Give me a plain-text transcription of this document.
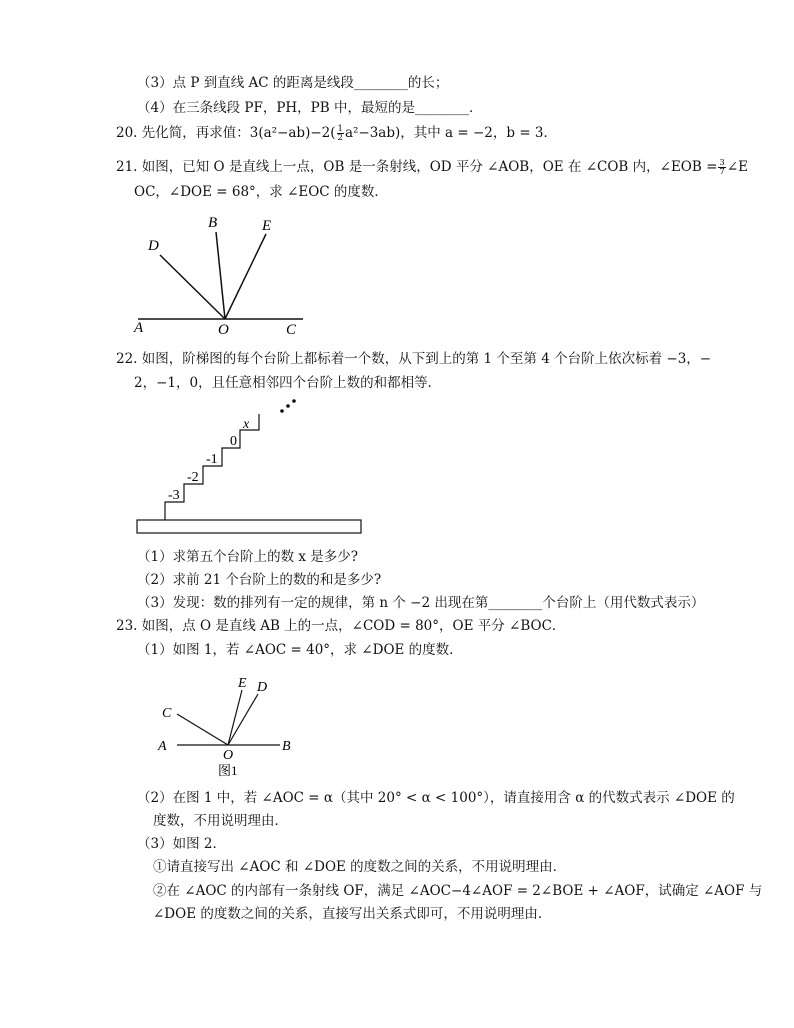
（3）点 P 到直线 AC 的距离是线段________的长；
（4）在三条线段 PF，PH，PB 中，最短的是________．
20. 先化简，再求值：$3(a^2-ab)-2( \frac{1}{2} a^2-3ab)$，其中 a = −2，b = 3．
21. 如图，已知 O 是直线上一点，OB 是一条射线，OD 平分 ∠AOB，OE 在 ∠COB 内，∠EOB = $\frac{3}{7}$ ∠E
OC，∠DOE = 68°，求 ∠EOC 的度数．
D
B	E
A	O	C
22. 如图，阶梯图的每个台阶上都标着一个数，从下到上的第 1 个至第 4 个台阶上依次标着 −3，−
2，−1，0，且任意相邻四个台阶上数的和都相等．
-3
-2
-1
0
x
（1）求第五个台阶上的数 x 是多少?
（2）求前 21 个台阶上的数的和是多少?
（3）发现：数的排列有一定的规律，第 n 个 −2 出现在第________个台阶上（用代数式表示）
23. 如图，点 O 是直线 AB 上的一点，∠COD = 80°，OE 平分 ∠BOC．
（1）如图 1，若 ∠AOC = 40°，求 ∠DOE 的度数．
E D
C
A
O
B
图1
（2）在图 1 中，若 ∠AOC = α（其中 20° < α < 100°），请直接用含 α 的代数式表示 ∠DOE 的
度数，不用说明理由．
（3）如图 2．
①请直接写出 ∠AOC 和 ∠DOE 的度数之间的关系，不用说明理由．
②在 ∠AOC 的内部有一条射线 OF，满足 ∠AOC−4∠AOF = 2∠BOE + ∠AOF，试确定 ∠AOF 与
∠DOE 的度数之间的关系，直接写出关系式即可，不用说明理由．
